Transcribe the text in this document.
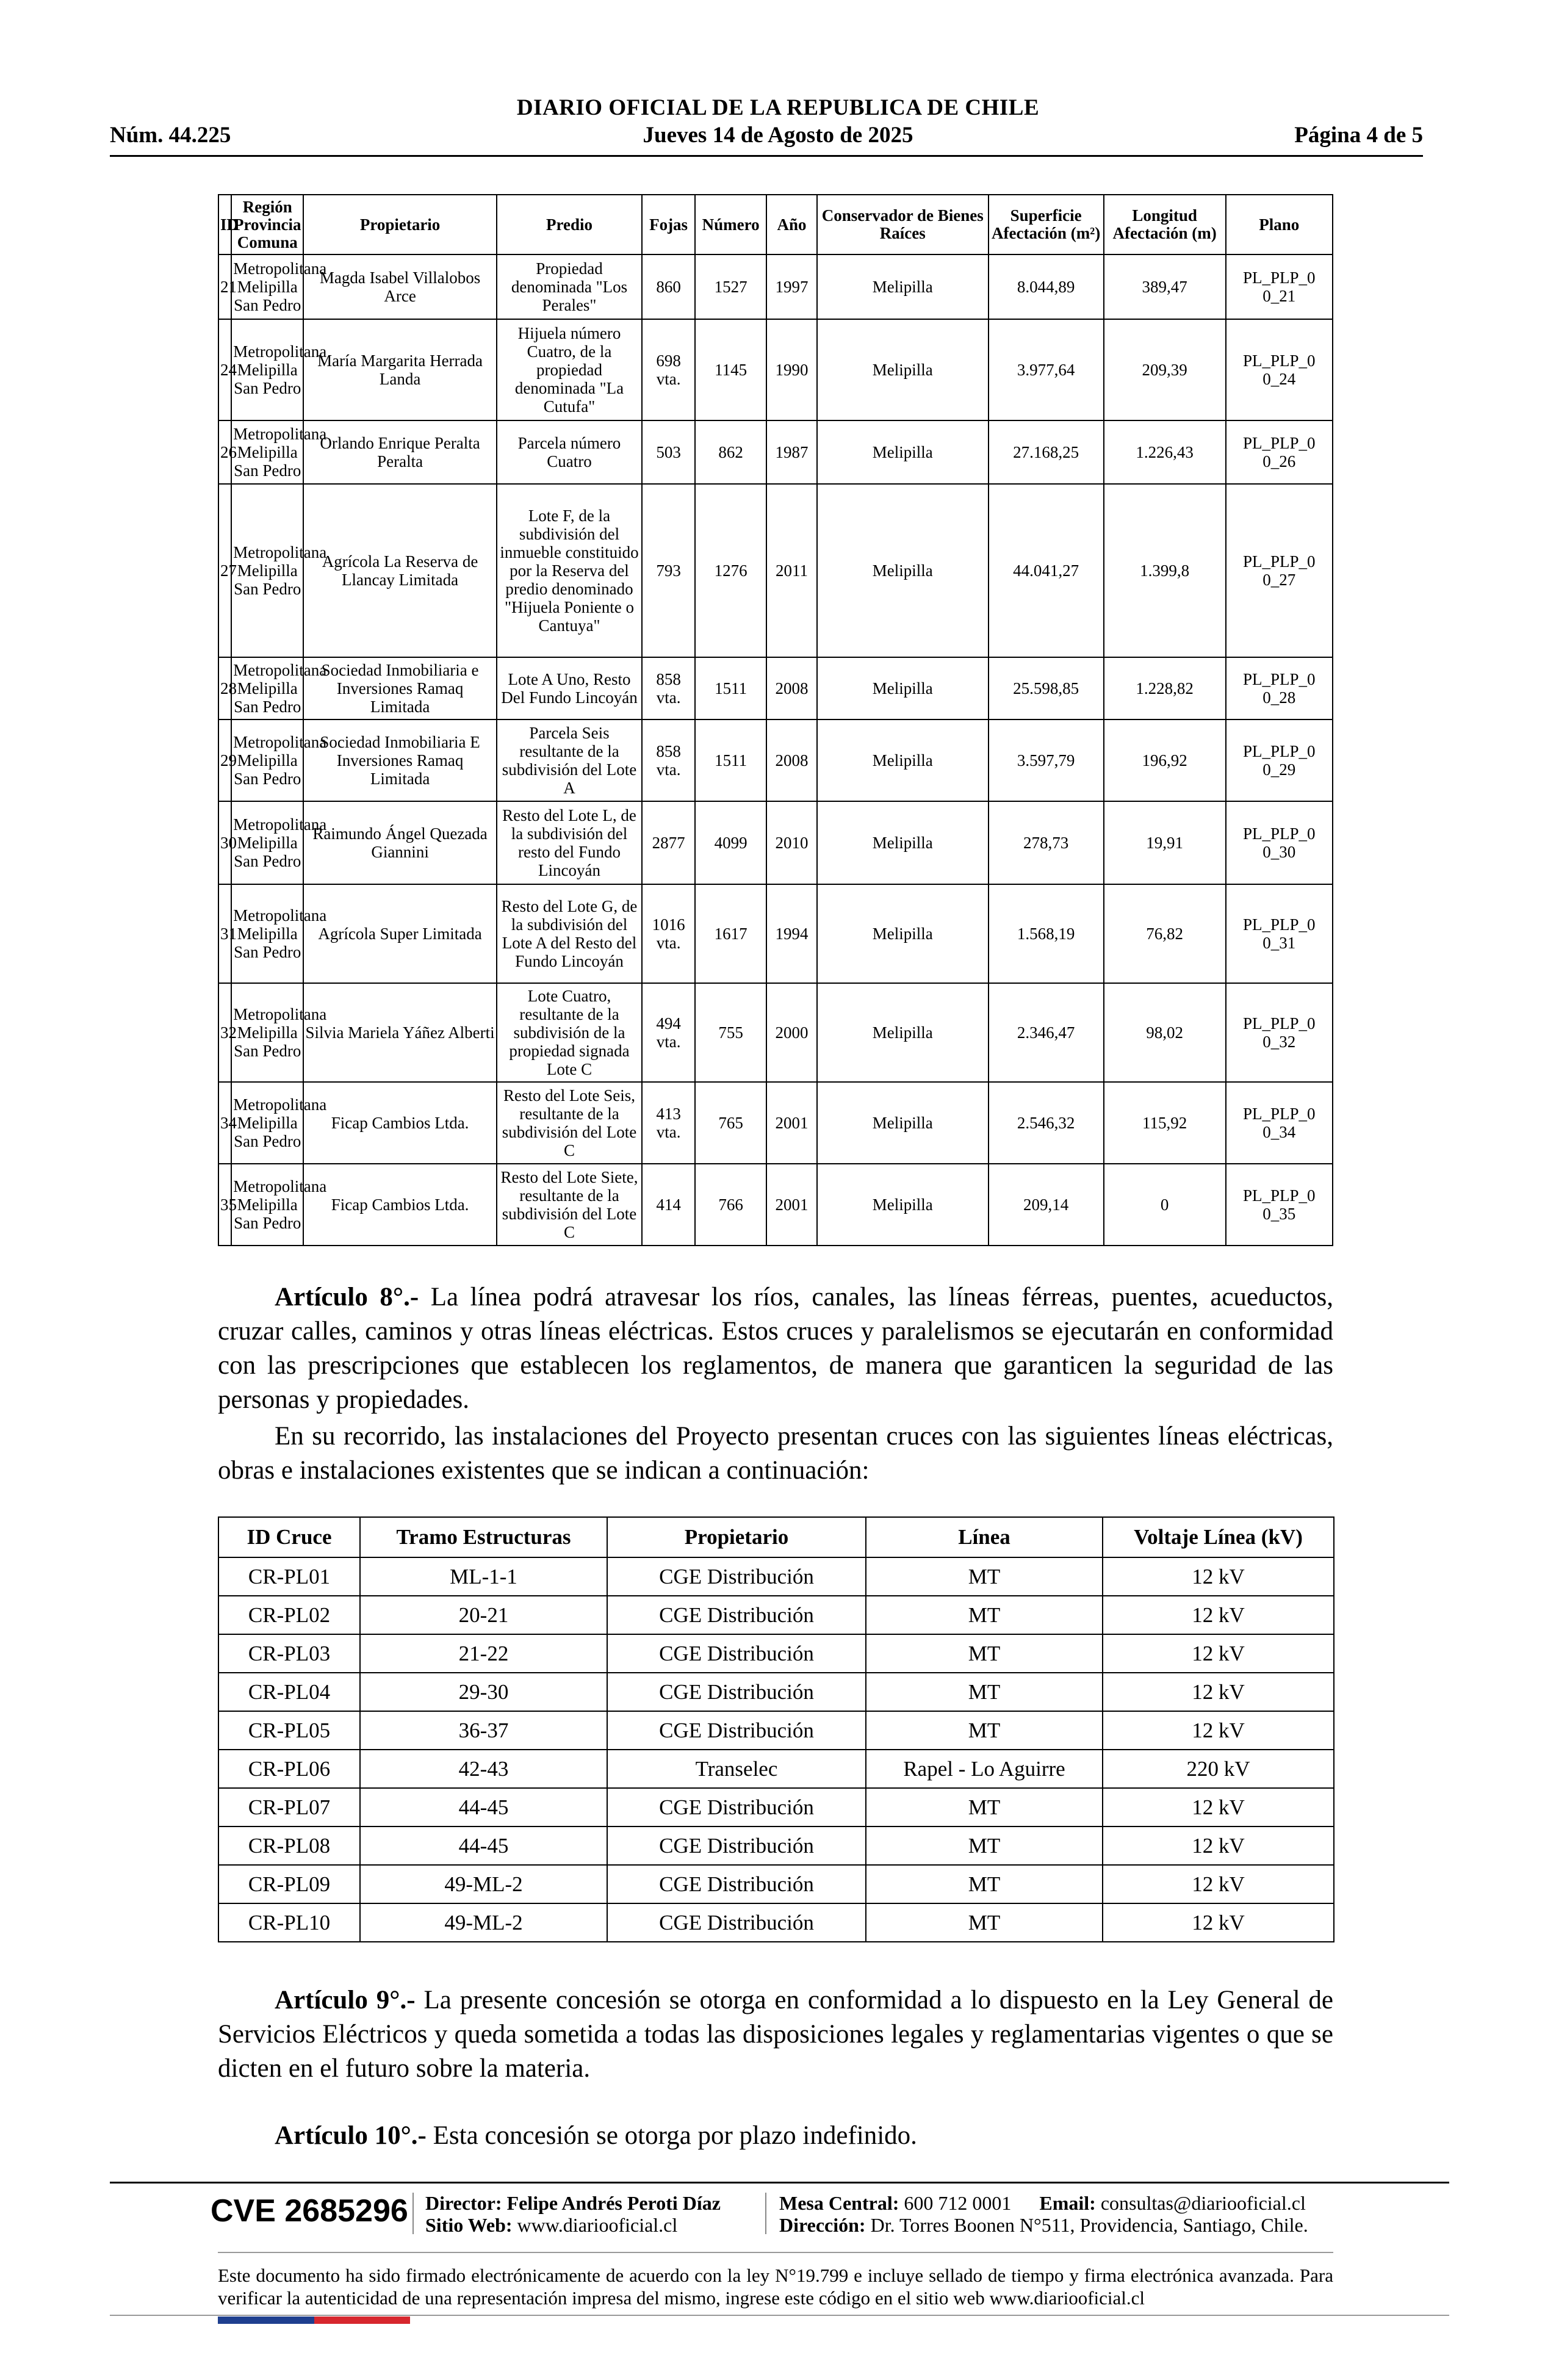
DIARIO OFICIAL DE LA REPUBLICA DE CHILE
Núm. 44.225	Jueves 14 de Agosto de 2025	Página 4 de 5
ID	Región Provincia Comuna	Propietario	Predio	Fojas	Número	Año	Conservador de Bienes Raíces	Superficie Afectación (m²)	Longitud Afectación (m)	Plano
21	Metropolitana Melipilla San Pedro	Magda Isabel Villalobos Arce	Propiedad denominada "Los Perales"	860	1527	1997	Melipilla	8.044,89	389,47	PL_PLP_0 0_21
24	Metropolitana Melipilla San Pedro	María Margarita Herrada Landa	Hijuela número Cuatro, de la propiedad denominada "La Cutufa"	698 vta.	1145	1990	Melipilla	3.977,64	209,39	PL_PLP_0 0_24
26	Metropolitana Melipilla San Pedro	Orlando Enrique Peralta Peralta	Parcela número Cuatro	503	862	1987	Melipilla	27.168,25	1.226,43	PL_PLP_0 0_26
27	Metropolitana Melipilla San Pedro	Agrícola La Reserva de Llancay Limitada	Lote F, de la subdivisión del inmueble constituido por la Reserva del predio denominado "Hijuela Poniente o Cantuya"	793	1276	2011	Melipilla	44.041,27	1.399,8	PL_PLP_0 0_27
28	Metropolitana Melipilla San Pedro	Sociedad Inmobiliaria e Inversiones Ramaq Limitada	Lote A Uno, Resto Del Fundo Lincoyán	858 vta.	1511	2008	Melipilla	25.598,85	1.228,82	PL_PLP_0 0_28
29	Metropolitana Melipilla San Pedro	Sociedad Inmobiliaria E Inversiones Ramaq Limitada	Parcela Seis resultante de la subdivisión del Lote A	858 vta.	1511	2008	Melipilla	3.597,79	196,92	PL_PLP_0 0_29
30	Metropolitana Melipilla San Pedro	Raimundo Ángel Quezada Giannini	Resto del Lote L, de la subdivisión del resto del Fundo Lincoyán	2877	4099	2010	Melipilla	278,73	19,91	PL_PLP_0 0_30
31	Metropolitana Melipilla San Pedro	Agrícola Super Limitada	Resto del Lote G, de la subdivisión del Lote A del Resto del Fundo Lincoyán	1016 vta.	1617	1994	Melipilla	1.568,19	76,82	PL_PLP_0 0_31
32	Metropolitana Melipilla San Pedro	Silvia Mariela Yáñez Alberti	Lote Cuatro, resultante de la subdivisión de la propiedad signada Lote C	494 vta.	755	2000	Melipilla	2.346,47	98,02	PL_PLP_0 0_32
34	Metropolitana Melipilla San Pedro	Ficap Cambios Ltda.	Resto del Lote Seis, resultante de la subdivisión del Lote C	413 vta.	765	2001	Melipilla	2.546,32	115,92	PL_PLP_0 0_34
35	Metropolitana Melipilla San Pedro	Ficap Cambios Ltda.	Resto del Lote Siete, resultante de la subdivisión del Lote C	414	766	2001	Melipilla	209,14	0	PL_PLP_0 0_35
Artículo 8°.- La línea podrá atravesar los ríos, canales, las líneas férreas, puentes, acueductos, cruzar calles, caminos y otras líneas eléctricas. Estos cruces y paralelismos se ejecutarán en conformidad con las prescripciones que establecen los reglamentos, de manera que garanticen la seguridad de las personas y propiedades.
En su recorrido, las instalaciones del Proyecto presentan cruces con las siguientes líneas eléctricas, obras e instalaciones existentes que se indican a continuación:
ID Cruce	Tramo Estructuras	Propietario	Línea	Voltaje Línea (kV)
CR-PL01	ML-1-1	CGE Distribución	MT	12 kV
CR-PL02	20-21	CGE Distribución	MT	12 kV
CR-PL03	21-22	CGE Distribución	MT	12 kV
CR-PL04	29-30	CGE Distribución	MT	12 kV
CR-PL05	36-37	CGE Distribución	MT	12 kV
CR-PL06	42-43	Transelec	Rapel - Lo Aguirre	220 kV
CR-PL07	44-45	CGE Distribución	MT	12 kV
CR-PL08	44-45	CGE Distribución	MT	12 kV
CR-PL09	49-ML-2	CGE Distribución	MT	12 kV
CR-PL10	49-ML-2	CGE Distribución	MT	12 kV
Artículo 9°.- La presente concesión se otorga en conformidad a lo dispuesto en la Ley General de Servicios Eléctricos y queda sometida a todas las disposiciones legales y reglamentarias vigentes o que se dicten en el futuro sobre la materia.
Artículo 10°.- Esta concesión se otorga por plazo indefinido.
CVE 2685296 Director: Felipe Andrés Peroti Díaz
Sitio Web: www.diariooficial.cl
Mesa Central: 600 712 0001 Email: consultas@diariooficial.cl
Dirección: Dr. Torres Boonen N°511, Providencia, Santiago, Chile.
Este documento ha sido firmado electrónicamente de acuerdo con la ley N°19.799 e incluye sellado de tiempo y firma electrónica avanzada. Para verificar la autenticidad de una representación impresa del mismo, ingrese este código en el sitio web www.diariooficial.cl
